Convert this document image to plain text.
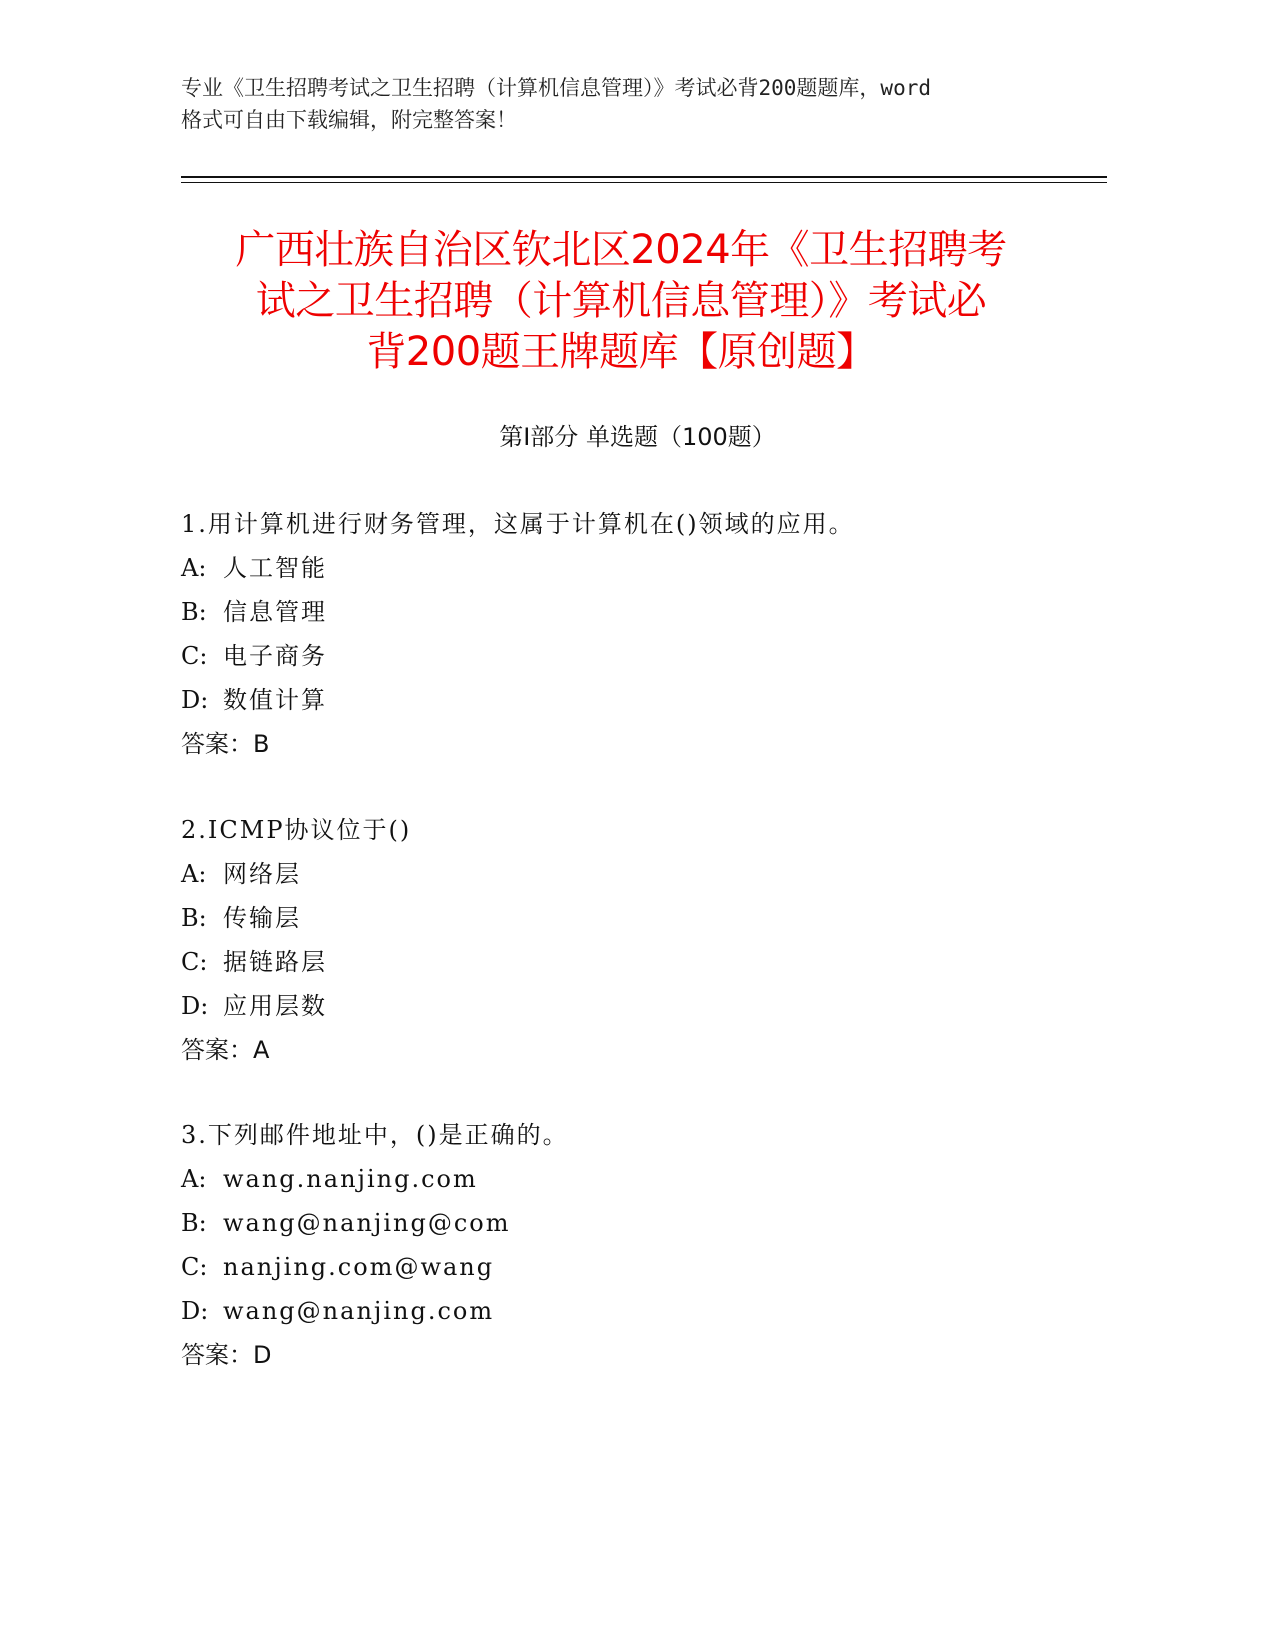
专业《卫生招聘考试之卫生招聘（计算机信息管理）》考试必背200题题库，word
格式可自由下载编辑，附完整答案！
广西壮族自治区钦北区2024年《卫生招聘考
试之卫生招聘（计算机信息管理）》考试必
背200题王牌题库【原创题】
第Ⅰ部分 单选题（100题）
1.用计算机进行财务管理，这属于计算机在()领域的应用。
A: 人工智能
B: 信息管理
C: 电子商务
D: 数值计算
答案：B
2.ICMP协议位于()
A: 网络层
B: 传输层
C: 据链路层
D: 应用层数
答案：A
3.下列邮件地址中，()是正确的。
A: wang.nanjing.com
B: wang@nanjing@com
C: nanjing.com@wang
D: wang@nanjing.com
答案：D
